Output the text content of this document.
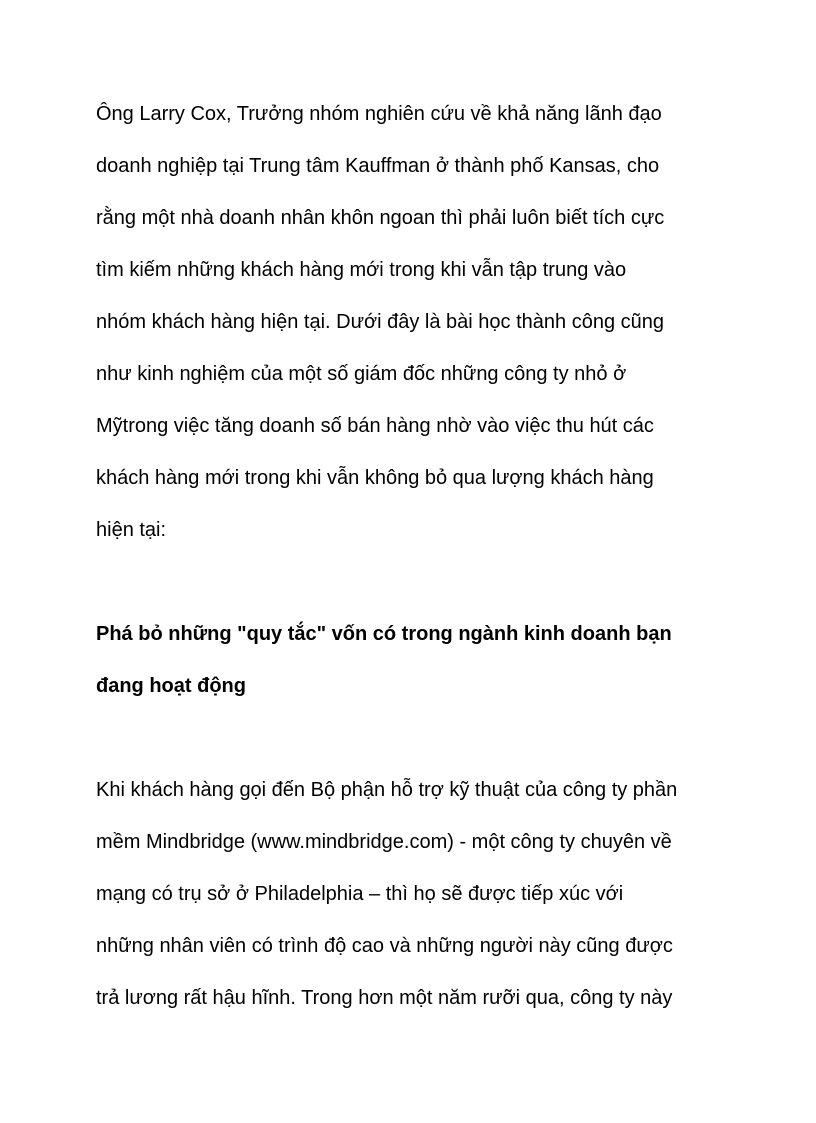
Ông Larry Cox, Trưởng nhóm nghiên cứu về khả năng lãnh đạo
doanh nghiệp tại Trung tâm Kauffman ở thành phố Kansas, cho
rằng một nhà doanh nhân khôn ngoan thì phải luôn biết tích cực
tìm kiếm những khách hàng mới trong khi vẫn tập trung vào
nhóm khách hàng hiện tại. Dưới đây là bài học thành công cũng
như kinh nghiệm của một số giám đốc những công ty nhỏ ở
Mỹtrong việc tăng doanh số bán hàng nhờ vào việc thu hút các
khách hàng mới trong khi vẫn không bỏ qua lượng khách hàng
hiện tại:
Phá bỏ những "quy tắc" vốn có trong ngành kinh doanh bạn
đang hoạt động
Khi khách hàng gọi đến Bộ phận hỗ trợ kỹ thuật của công ty phần
mềm Mindbridge (www.mindbridge.com) - một công ty chuyên về
mạng có trụ sở ở Philadelphia – thì họ sẽ được tiếp xúc với
những nhân viên có trình độ cao và những người này cũng được
trả lương rất hậu hĩnh. Trong hơn một năm rưỡi qua, công ty này
